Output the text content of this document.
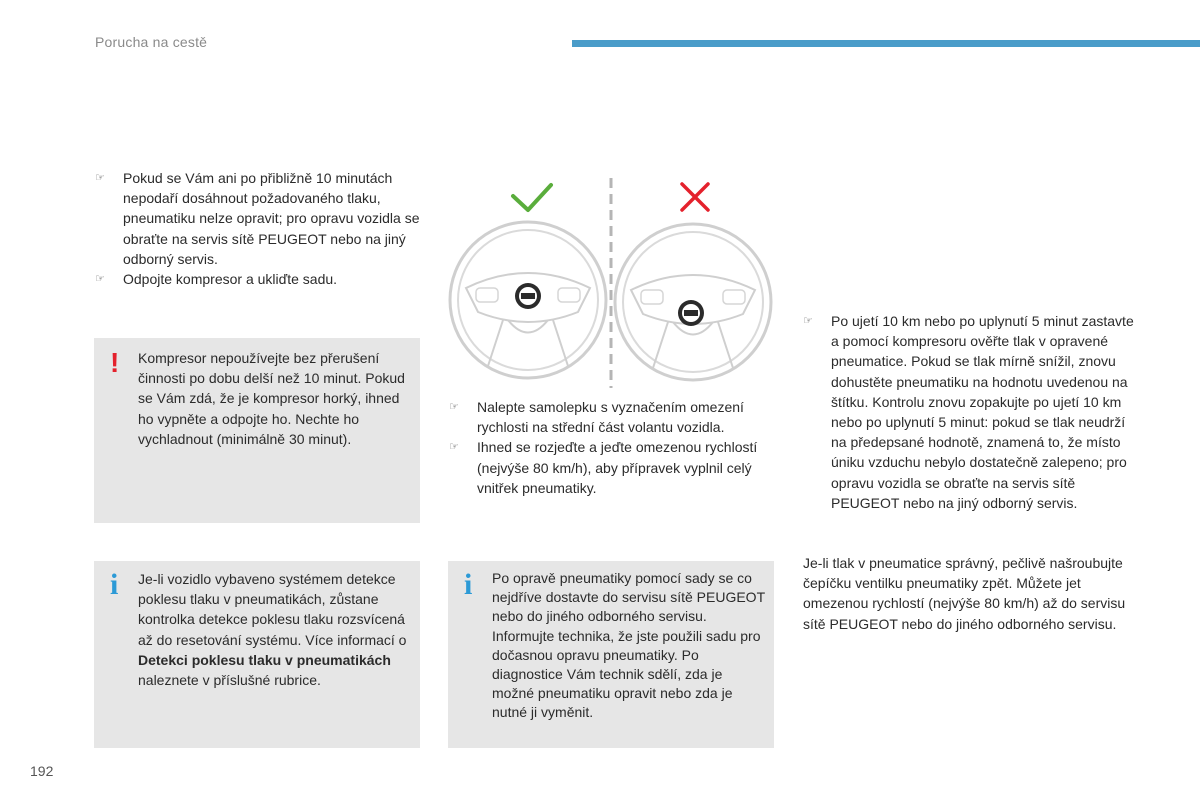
Porucha na cestě
☞ Pokud se Vám ani po přibližně 10 minutách nepodaří dosáhnout požadovaného tlaku, pneumatiku nelze opravit; pro opravu vozidla se obraťte na servis sítě PEUGEOT nebo na jiný odborný servis.
☞ Odpojte kompresor a ukliďte sadu.
! Kompresor nepoužívejte bez přerušení činnosti po dobu delší než 10 minut. Pokud se Vám zdá, že je kompresor horký, ihned ho vypněte a odpojte ho. Nechte ho vychladnout (minimálně 30 minut).
i Je-li vozidlo vybaveno systémem detekce poklesu tlaku v pneumatikách, zůstane kontrolka detekce poklesu tlaku rozsvícená až do resetování systému. Více informací o Detekci poklesu tlaku v pneumatikách naleznete v příslušné rubrice.
☞ Nalepte samolepku s vyznačením omezení rychlosti na střední část volantu vozidla.
☞ Ihned se rozjeďte a jeďte omezenou rychlostí (nejvýše 80 km/h), aby přípravek vyplnil celý vnitřek pneumatiky.
i Po opravě pneumatiky pomocí sady se co nejdříve dostavte do servisu sítě PEUGEOT nebo do jiného odborného servisu.
Informujte technika, že jste použili sadu pro dočasnou opravu pneumatiky. Po diagnostice Vám technik sdělí, zda je možné pneumatiku opravit nebo zda je nutné ji vyměnit.
☞ Po ujetí 10 km nebo po uplynutí 5 minut zastavte a pomocí kompresoru ověřte tlak v opravené pneumatice. Pokud se tlak mírně snížil, znovu dohustěte pneumatiku na hodnotu uvedenou na štítku. Kontrolu znovu zopakujte po ujetí 10 km nebo po uplynutí 5 minut: pokud se tlak neudrží na předepsané hodnotě, znamená to, že místo úniku vzduchu nebylo dostatečně zalepeno; pro opravu vozidla se obraťte na servis sítě PEUGEOT nebo na jiný odborný servis.
Je-li tlak v pneumatice správný, pečlivě našroubujte čepíčku ventilku pneumatiky zpět. Můžete jet omezenou rychlostí (nejvýše 80 km/h) až do servisu sítě PEUGEOT nebo do jiného odborného servisu.
192
